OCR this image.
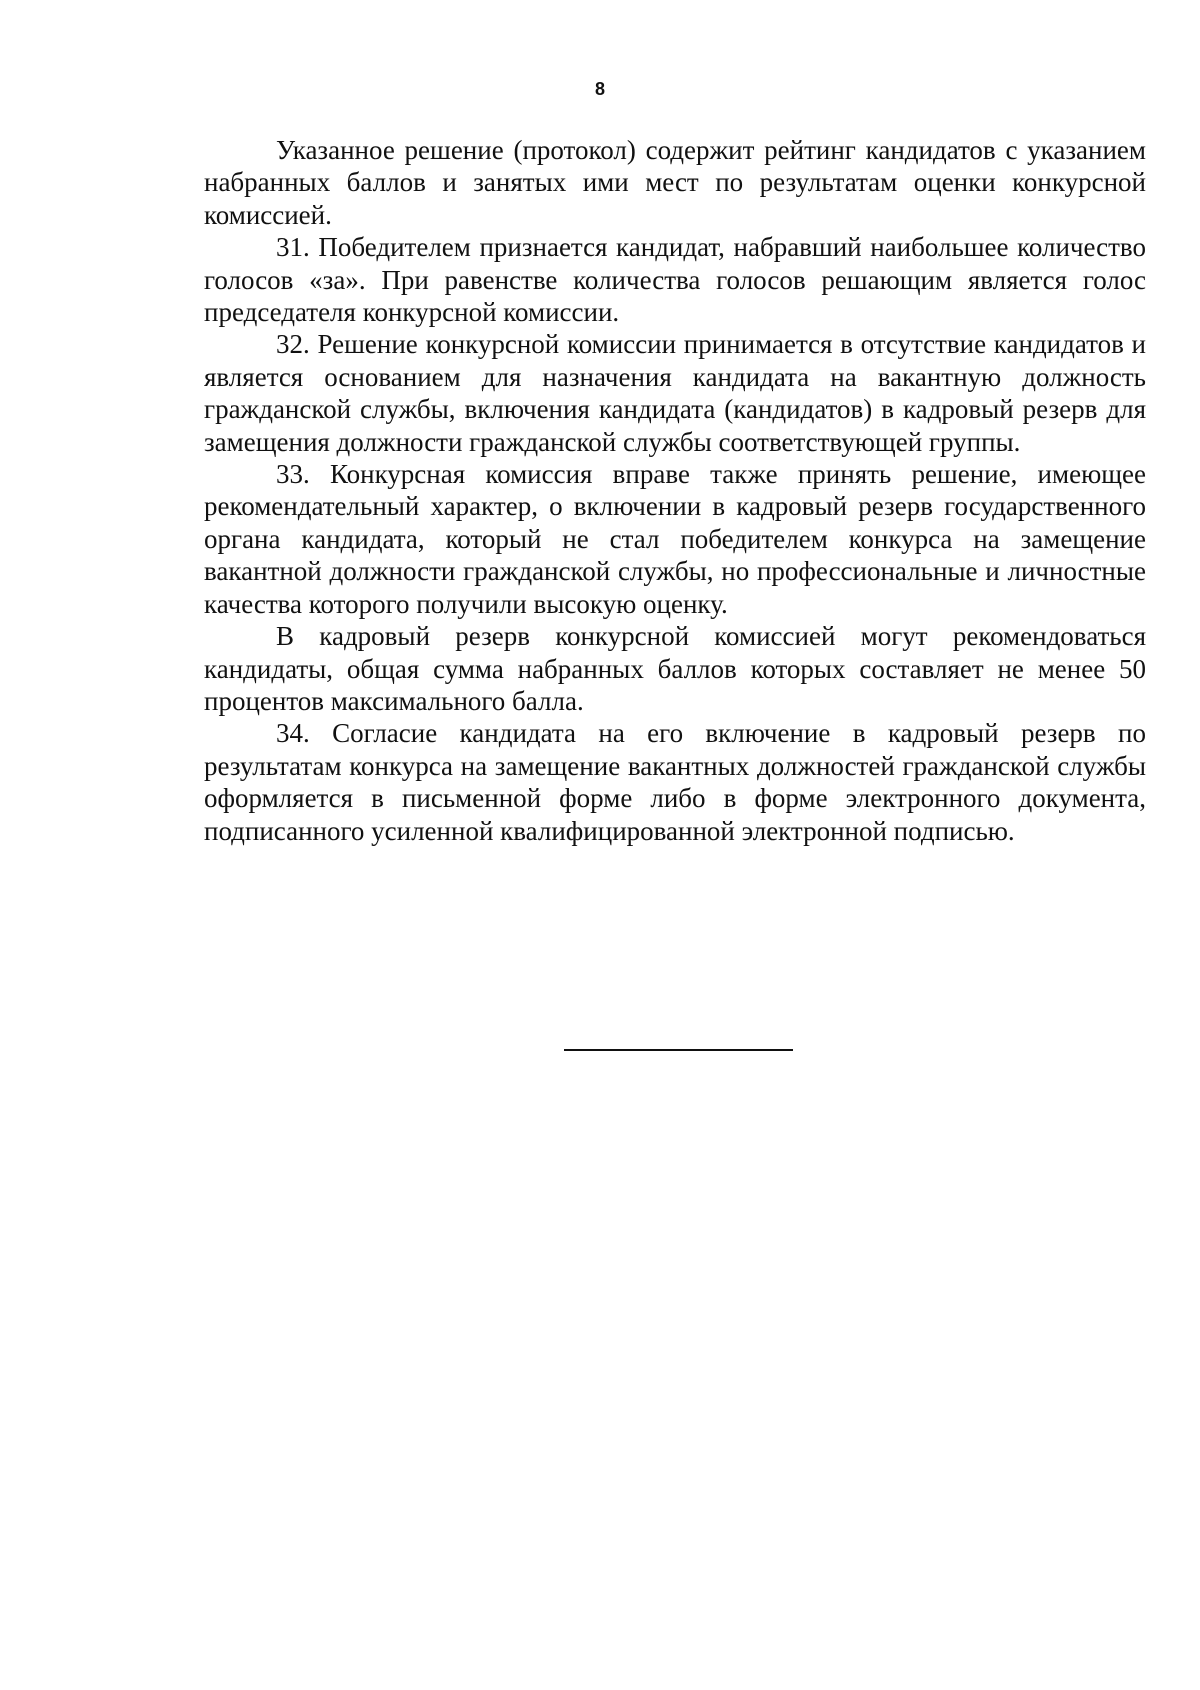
8

Указанное решение (протокол) содержит рейтинг кандидатов с указанием набранных баллов и занятых ими мест по результатам оценки конкурсной комиссией.

31. Победителем признается кандидат, набравший наибольшее количество голосов «за». При равенстве количества голосов решающим является голос председателя конкурсной комиссии.

32. Решение конкурсной комиссии принимается в отсутствие кандидатов и является основанием для назначения кандидата на вакантную должность гражданской службы, включения кандидата (кандидатов) в кадровый резерв для замещения должности гражданской службы соответствующей группы.

33. Конкурсная комиссия вправе также принять решение, имеющее рекомендательный характер, о включении в кадровый резерв государственного органа кандидата, который не стал победителем конкурса на замещение вакантной должности гражданской службы, но профессиональные и личностные качества которого получили высокую оценку.

В кадровый резерв конкурсной комиссией могут рекомендоваться кандидаты, общая сумма набранных баллов которых составляет не менее 50 процентов максимального балла.

34. Согласие кандидата на его включение в кадровый резерв по результатам конкурса на замещение вакантных должностей гражданской службы оформляется в письменной форме либо в форме электронного документа, подписанного усиленной квалифицированной электронной подписью.
